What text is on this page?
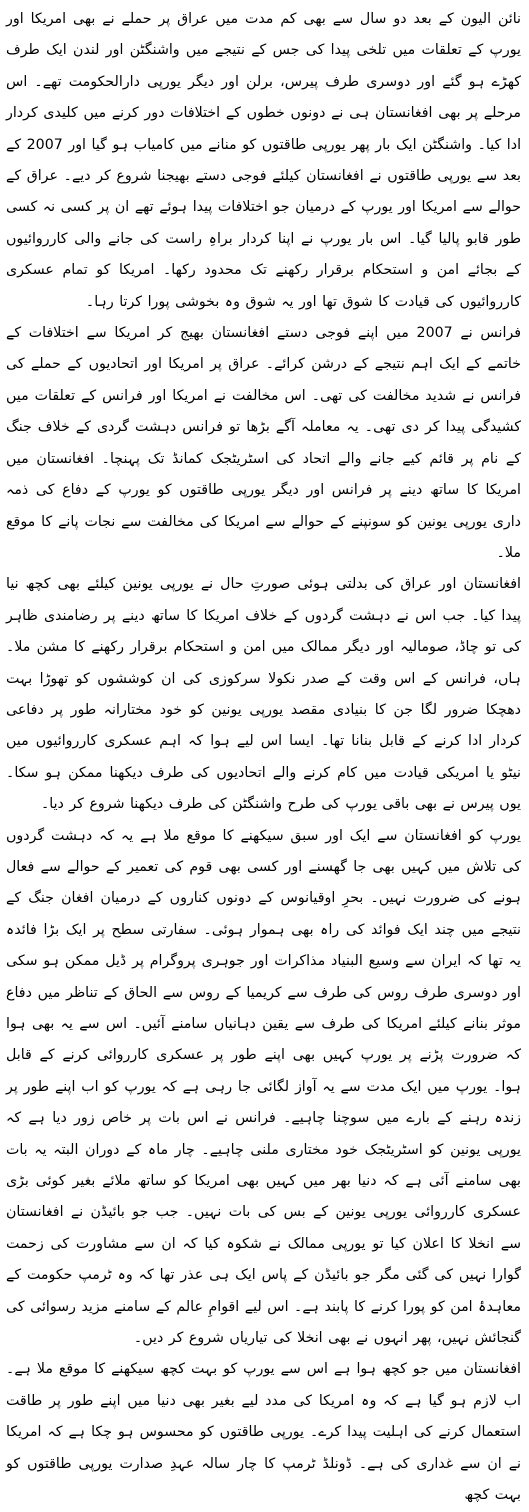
نائن الیون کے بعد دو سال سے بھی کم مدت میں عراق پر حملے نے بھی امریکا اور یورپ کے تعلقات میں تلخی پیدا کی جس کے نتیجے میں واشنگٹن اور لندن ایک طرف کھڑے ہو گئے اور دوسری طرف پیرس، برلن اور دیگر یورپی دارالحکومت تھے۔ اس مرحلے پر بھی افغانستان ہی نے دونوں خطوں کے اختلافات دور کرنے میں کلیدی کردار ادا کیا۔ واشنگٹن ایک بار پھر یورپی طاقتوں کو منانے میں کامیاب ہو گیا اور 2007 کے بعد سے یورپی طاقتوں نے افغانستان کیلئے فوجی دستے بھیجنا شروع کر دیے۔ عراق کے حوالے سے امریکا اور یورپ کے درمیان جو اختلافات پیدا ہوئے تھے ان پر کسی نہ کسی طور قابو پالیا گیا۔ اس بار یورپ نے اپنا کردار براہِ راست کی جانے والی کارروائیوں کے بجائے امن و استحکام برقرار رکھنے تک محدود رکھا۔ امریکا کو تمام عسکری کارروائیوں کی قیادت کا شوق تھا اور یہ شوق وہ بخوشی پورا کرتا رہا۔

فرانس نے 2007 میں اپنے فوجی دستے افغانستان بھیج کر امریکا سے اختلافات کے خاتمے کے ایک اہم نتیجے کے درشن کرائے۔ عراق پر امریکا اور اتحادیوں کے حملے کی فرانس نے شدید مخالفت کی تھی۔ اس مخالفت نے امریکا اور فرانس کے تعلقات میں کشیدگی پیدا کر دی تھی۔ یہ معاملہ آگے بڑھا تو فرانس دہشت گردی کے خلاف جنگ کے نام پر قائم کیے جانے والے اتحاد کی اسٹریٹجک کمانڈ تک پہنچا۔ افغانستان میں امریکا کا ساتھ دینے پر فرانس اور دیگر یورپی طاقتوں کو یورپ کے دفاع کی ذمہ داری یورپی یونین کو سونپنے کے حوالے سے امریکا کی مخالفت سے نجات پانے کا موقع ملا۔

افغانستان اور عراق کی بدلتی ہوئی صورتِ حال نے یورپی یونین کیلئے بھی کچھ نیا پیدا کیا۔ جب اس نے دہشت گردوں کے خلاف امریکا کا ساتھ دینے پر رضامندی ظاہر کی تو چاڈ، صومالیہ اور دیگر ممالک میں امن و استحکام برقرار رکھنے کا مشن ملا۔ ہاں، فرانس کے اس وقت کے صدر نکولا سرکوزی کی ان کوششوں کو تھوڑا بہت دھچکا ضرور لگا جن کا بنیادی مقصد یورپی یونین کو خود مختارانہ طور پر دفاعی کردار ادا کرنے کے قابل بنانا تھا۔ ایسا اس لیے ہوا کہ اہم عسکری کارروائیوں میں نیٹو یا امریکی قیادت میں کام کرنے والے اتحادیوں کی طرف دیکھنا ممکن ہو سکا۔ یوں پیرس نے بھی باقی یورپ کی طرح واشنگٹن کی طرف دیکھنا شروع کر دیا۔

یورپ کو افغانستان سے ایک اور سبق سیکھنے کا موقع ملا ہے یہ کہ دہشت گردوں کی تلاش میں کہیں بھی جا گھسنے اور کسی بھی قوم کی تعمیر کے حوالے سے فعال ہونے کی ضرورت نہیں۔ بحرِ اوقیانوس کے دونوں کناروں کے درمیان افغان جنگ کے نتیجے میں چند ایک فوائد کی راہ بھی ہموار ہوئی۔ سفارتی سطح پر ایک بڑا فائدہ یہ تھا کہ ایران سے وسیع البنیاد مذاکرات اور جوہری پروگرام پر ڈیل ممکن ہو سکی اور دوسری طرف روس کی طرف سے کریمیا کے روس سے الحاق کے تناظر میں دفاع موثر بنانے کیلئے امریکا کی طرف سے یقین دہانیاں سامنے آئیں۔ اس سے یہ بھی ہوا کہ ضرورت پڑنے پر یورپ کہیں بھی اپنے طور پر عسکری کارروائی کرنے کے قابل ہوا۔ یورپ میں ایک مدت سے یہ آواز لگائی جا رہی ہے کہ یورپ کو اب اپنے طور پر زندہ رہنے کے بارے میں سوچنا چاہیے۔ فرانس نے اس بات پر خاص زور دیا ہے کہ یورپی یونین کو اسٹریٹجک خود مختاری ملنی چاہیے۔ چار ماہ کے دوران البتہ یہ بات بھی سامنے آئی ہے کہ دنیا بھر میں کہیں بھی امریکا کو ساتھ ملائے بغیر کوئی بڑی عسکری کارروائی یورپی یونین کے بس کی بات نہیں۔ جب جو بائیڈن نے افغانستان سے انخلا کا اعلان کیا تو یورپی ممالک نے شکوہ کیا کہ ان سے مشاورت کی زحمت گوارا نہیں کی گئی مگر جو بائیڈن کے پاس ایک ہی عذر تھا کہ وہ ٹرمپ حکومت کے معاہدۂ امن کو پورا کرنے کا پابند ہے۔ اس لیے اقوامِ عالم کے سامنے مزید رسوائی کی گنجائش نہیں، پھر انہوں نے بھی انخلا کی تیاریاں شروع کر دیں۔

افغانستان میں جو کچھ ہوا ہے اس سے یورپ کو بہت کچھ سیکھنے کا موقع ملا ہے۔ اب لازم ہو گیا ہے کہ وہ امریکا کی مدد لیے بغیر بھی دنیا میں اپنے طور پر طاقت استعمال کرنے کی اہلیت پیدا کرے۔ یورپی طاقتوں کو محسوس ہو چکا ہے کہ امریکا نے ان سے غداری کی ہے۔ ڈونلڈ ٹرمپ کا چار سالہ عہدِ صدارت یورپی طاقتوں کو بہت کچھ
